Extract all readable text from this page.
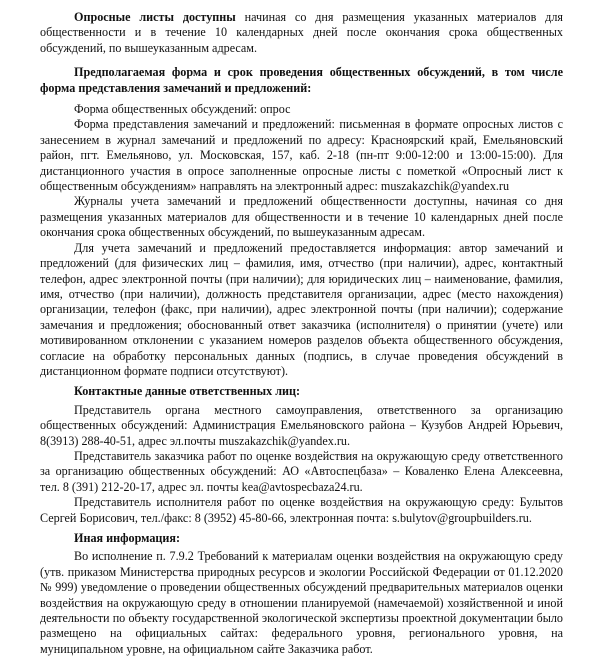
Опросные листы доступны начиная со дня размещения указанных материалов для общественности и в течение 10 календарных дней после окончания срока общественных обсуждений, по вышеуказанным адресам.

Предполагаемая форма и срок проведения общественных обсуждений, в том числе форма представления замечаний и предложений:

Форма общественных обсуждений: опрос

Форма представления замечаний и предложений: письменная в формате опросных листов с занесением в журнал замечаний и предложений по адресу: Красноярский край, Емельяновский район, пгт. Емельяново, ул. Московская, 157, каб. 2-18 (пн-пт 9:00-12:00 и 13:00-15:00). Для дистанционного участия в опросе заполненные опросные листы с пометкой «Опросный лист к общественным обсуждениям» направлять на электронный адрес: muszakazchik@yandex.ru

Журналы учета замечаний и предложений общественности доступны, начиная со дня размещения указанных материалов для общественности и в течение 10 календарных дней после окончания срока общественных обсуждений, по вышеуказанным адресам.

Для учета замечаний и предложений предоставляется информация: автор замечаний и предложений (для физических лиц – фамилия, имя, отчество (при наличии), адрес, контактный телефон, адрес электронной почты (при наличии); для юридических лиц – наименование, фамилия, имя, отчество (при наличии), должность представителя организации, адрес (место нахождения) организации, телефон (факс, при наличии), адрес электронной почты (при наличии); содержание замечания и предложения; обоснованный ответ заказчика (исполнителя) о принятии (учете) или мотивированном отклонении с указанием номеров разделов объекта общественного обсуждения, согласие на обработку персональных данных (подпись, в случае проведения обсуждений в дистанционном формате подписи отсутствуют).

Контактные данные ответственных лиц:

Представитель органа местного самоуправления, ответственного за организацию общественных обсуждений: Администрация Емельяновского района – Кузубов Андрей Юрьевич, 8(3913) 288-40-51, адрес эл.почты muszakazchik@yandex.ru.

Представитель заказчика работ по оценке воздействия на окружающую среду ответственного за организацию общественных обсуждений: АО «Автоспецбаза» – Коваленко Елена Алексеевна, тел. 8 (391) 212-20-17, адрес эл. почты kea@avtospecbaza24.ru.

Представитель исполнителя работ по оценке воздействия на окружающую среду: Булытов Сергей Борисович, тел./факс: 8 (3952) 45-80-66, электронная почта: s.bulytov@groupbuilders.ru.

Иная информация:

Во исполнение п. 7.9.2 Требований к материалам оценки воздействия на окружающую среду (утв. приказом Министерства природных ресурсов и экологии Российской Федерации от 01.12.2020 № 999) уведомление о проведении общественных обсуждений предварительных материалов оценки воздействия на окружающую среду в отношении планируемой (намечаемой) хозяйственной и иной деятельности по объекту государственной экологической экспертизы проектной документации было размещено на официальных сайтах: федерального уровня, регионального уровня, на муниципальном уровне, на официальном сайте Заказчика работ.
